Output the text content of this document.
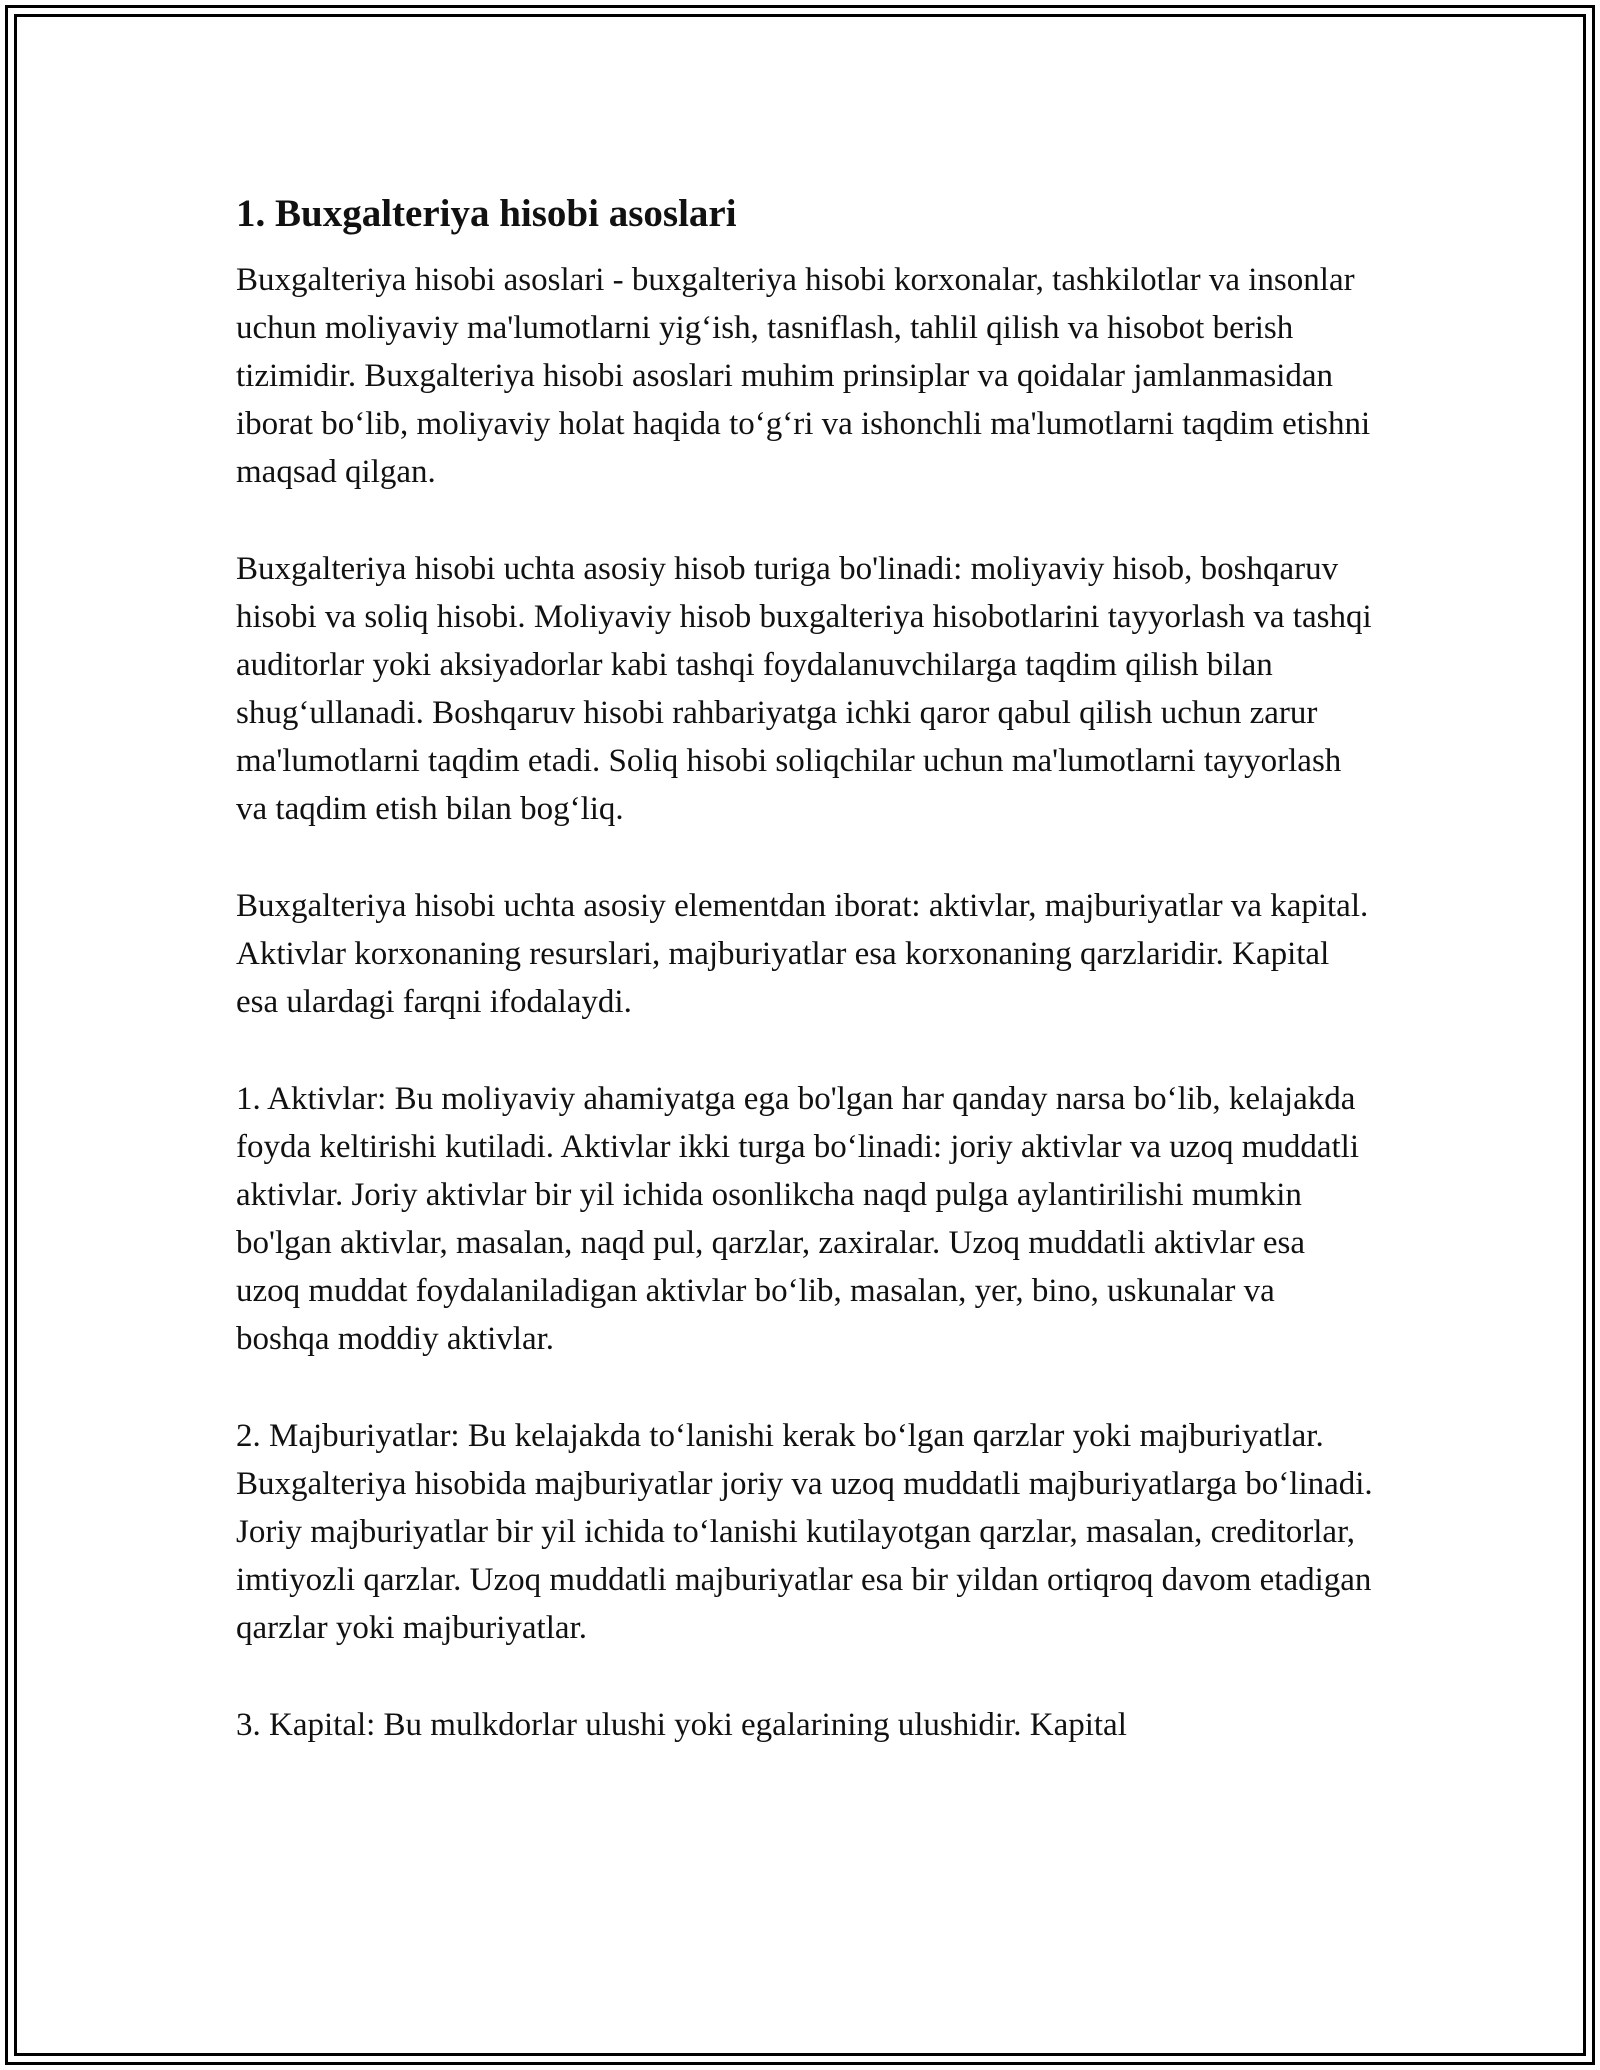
1. Buxgalteriya hisobi asoslari

Buxgalteriya hisobi asoslari - buxgalteriya hisobi korxonalar, tashkilotlar va insonlar uchun moliyaviy ma'lumotlarni yig‘ish, tasniflash, tahlil qilish va hisobot berish tizimidir. Buxgalteriya hisobi asoslari muhim prinsiplar va qoidalar jamlanmasidan iborat bo‘lib, moliyaviy holat haqida to‘g‘ri va ishonchli ma'lumotlarni taqdim etishni maqsad qilgan.

Buxgalteriya hisobi uchta asosiy hisob turiga bo'linadi: moliyaviy hisob, boshqaruv hisobi va soliq hisobi. Moliyaviy hisob buxgalteriya hisobotlarini tayyorlash va tashqi auditorlar yoki aksiyadorlar kabi tashqi foydalanuvchilarga taqdim qilish bilan shug‘ullanadi. Boshqaruv hisobi rahbariyatga ichki qaror qabul qilish uchun zarur ma'lumotlarni taqdim etadi. Soliq hisobi soliqchilar uchun ma'lumotlarni tayyorlash va taqdim etish bilan bog‘liq.

Buxgalteriya hisobi uchta asosiy elementdan iborat: aktivlar, majburiyatlar va kapital. Aktivlar korxonaning resurslari, majburiyatlar esa korxonaning qarzlaridir. Kapital esa ulardagi farqni ifodalaydi.

1. Aktivlar: Bu moliyaviy ahamiyatga ega bo'lgan har qanday narsa bo‘lib, kelajakda foyda keltirishi kutiladi. Aktivlar ikki turga bo‘linadi: joriy aktivlar va uzoq muddatli aktivlar. Joriy aktivlar bir yil ichida osonlikcha naqd pulga aylantirilishi mumkin bo'lgan aktivlar, masalan, naqd pul, qarzlar, zaxiralar. Uzoq muddatli aktivlar esa uzoq muddat foydalaniladigan aktivlar bo‘lib, masalan, yer, bino, uskunalar va boshqa moddiy aktivlar.

2. Majburiyatlar: Bu kelajakda to‘lanishi kerak bo‘lgan qarzlar yoki majburiyatlar. Buxgalteriya hisobida majburiyatlar joriy va uzoq muddatli majburiyatlarga bo‘linadi. Joriy majburiyatlar bir yil ichida to‘lanishi kutilayotgan qarzlar, masalan, creditorlar, imtiyozli qarzlar. Uzoq muddatli majburiyatlar esa bir yildan ortiqroq davom etadigan qarzlar yoki majburiyatlar.

3. Kapital: Bu mulkdorlar ulushi yoki egalarining ulushidir. Kapital
